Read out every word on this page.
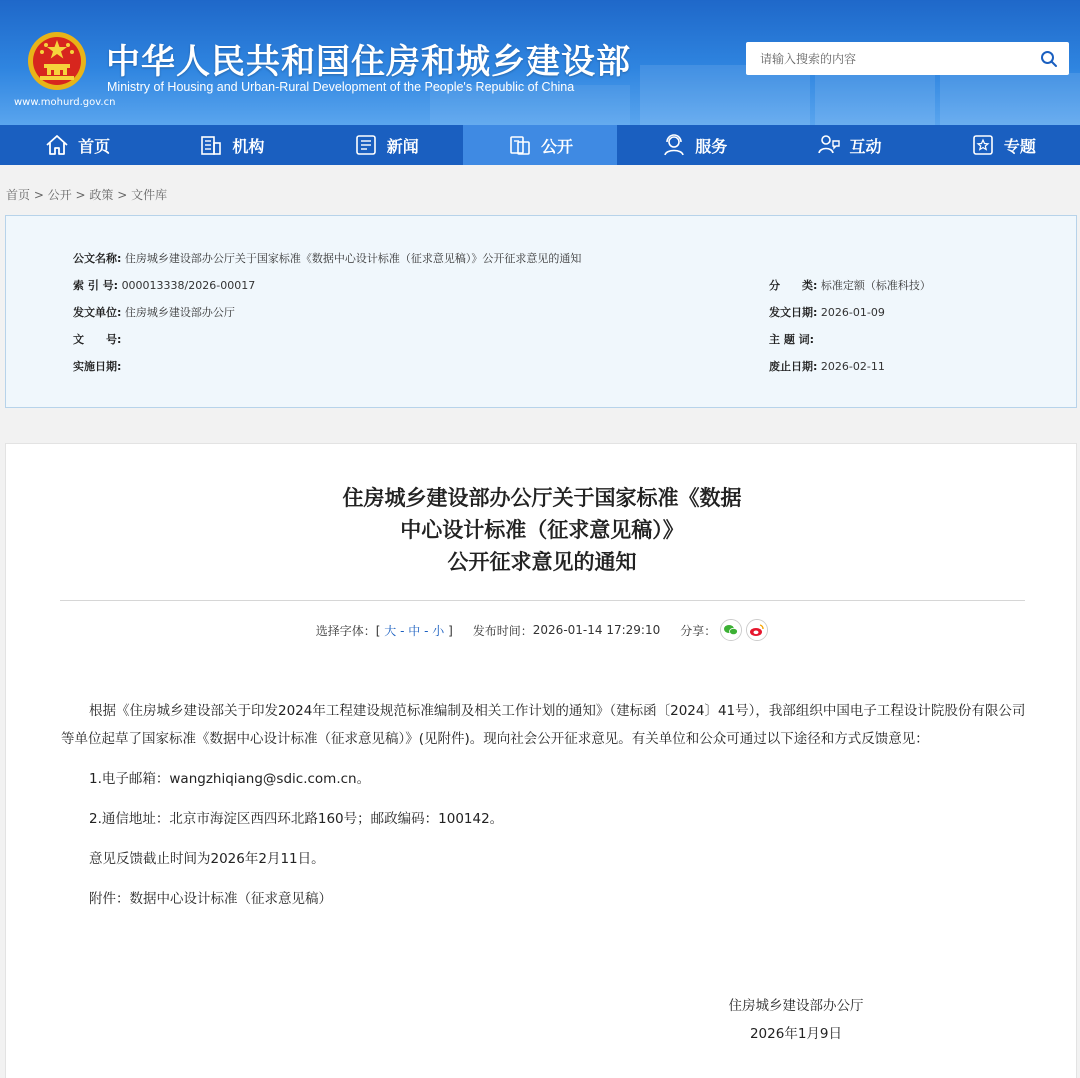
www.mohurd.gov.cn
中华人民共和国住房和城乡建设部
Ministry of Housing and Urban-Rural Development of the People's Republic of China
请输入搜索的内容
首页	机构	新闻	公开	服务	互动	专题
首页 > 公开 > 政策 > 文件库
公文名称: 住房城乡建设部办公厅关于国家标准《数据中心设计标准（征求意见稿）》公开征求意见的通知
索 引 号: 000013338/2026-00017
发文单位: 住房城乡建设部办公厅
文　　号:
实施日期:
分　　类: 标准定额（标准科技）
发文日期: 2026-01-09
主 题 词:
废止日期: 2026-02-11
住房城乡建设部办公厅关于国家标准《数据
中心设计标准（征求意见稿）》
公开征求意见的通知
选择字体：[ 大 - 中 - 小 ] 发布时间： 2026-01-14 17:29:10 分享：

根据《住房城乡建设部关于印发2024年工程建设规范标准编制及相关工作计划的通知》（建标函〔2024〕41号），我部组织中国电子工程设计院股份有限公司等单位起草了国家标准《数据中心设计标准（征求意见稿）》(见附件)。现向社会公开征求意见。有关单位和公众可通过以下途径和方式反馈意见：

1.电子邮箱：wangzhiqiang@sdic.com.cn。

2.通信地址：北京市海淀区西四环北路160号；邮政编码：100142。

意见反馈截止时间为2026年2月11日。

附件：数据中心设计标准（征求意见稿）

住房城乡建设部办公厅
2026年1月9日
